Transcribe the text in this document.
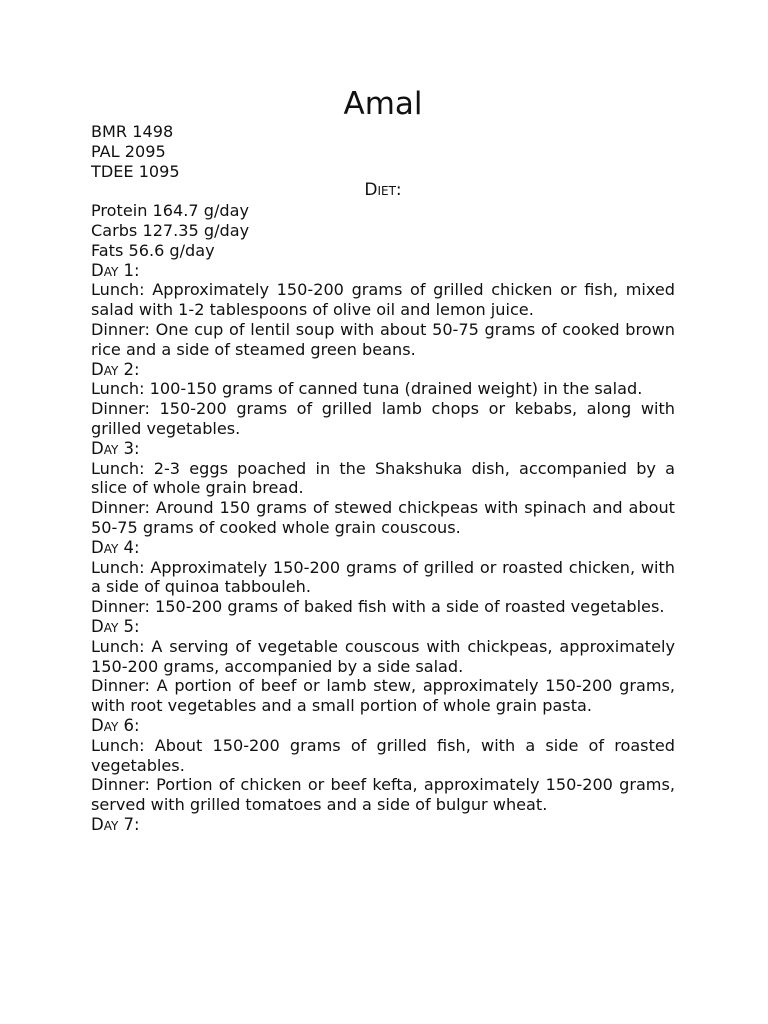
Amal

BMR 1498

PAL 2095

TDEE 1095

Diet:

Protein 164.7 g/day

Carbs 127.35 g/day

Fats 56.6 g/day

Day 1:

Lunch: Approximately 150-200 grams of grilled chicken or fish, mixed salad with 1-2 tablespoons of olive oil and lemon juice.

Dinner: One cup of lentil soup with about 50-75 grams of cooked brown rice and a side of steamed green beans.

Day 2:

Lunch: 100-150 grams of canned tuna (drained weight) in the salad.

Dinner: 150-200 grams of grilled lamb chops or kebabs, along with grilled vegetables.

Day 3:

Lunch: 2-3 eggs poached in the Shakshuka dish, accompanied by a slice of whole grain bread.

Dinner: Around 150 grams of stewed chickpeas with spinach and about 50-75 grams of cooked whole grain couscous.

Day 4:

Lunch: Approximately 150-200 grams of grilled or roasted chicken, with a side of quinoa tabbouleh.

Dinner: 150-200 grams of baked fish with a side of roasted vegetables.

Day 5:

Lunch: A serving of vegetable couscous with chickpeas, approximately 150-200 grams, accompanied by a side salad.

Dinner: A portion of beef or lamb stew, approximately 150-200 grams, with root vegetables and a small portion of whole grain pasta.

Day 6:

Lunch: About 150-200 grams of grilled fish, with a side of roasted vegetables.

Dinner: Portion of chicken or beef kefta, approximately 150-200 grams, served with grilled tomatoes and a side of bulgur wheat.

Day 7:
